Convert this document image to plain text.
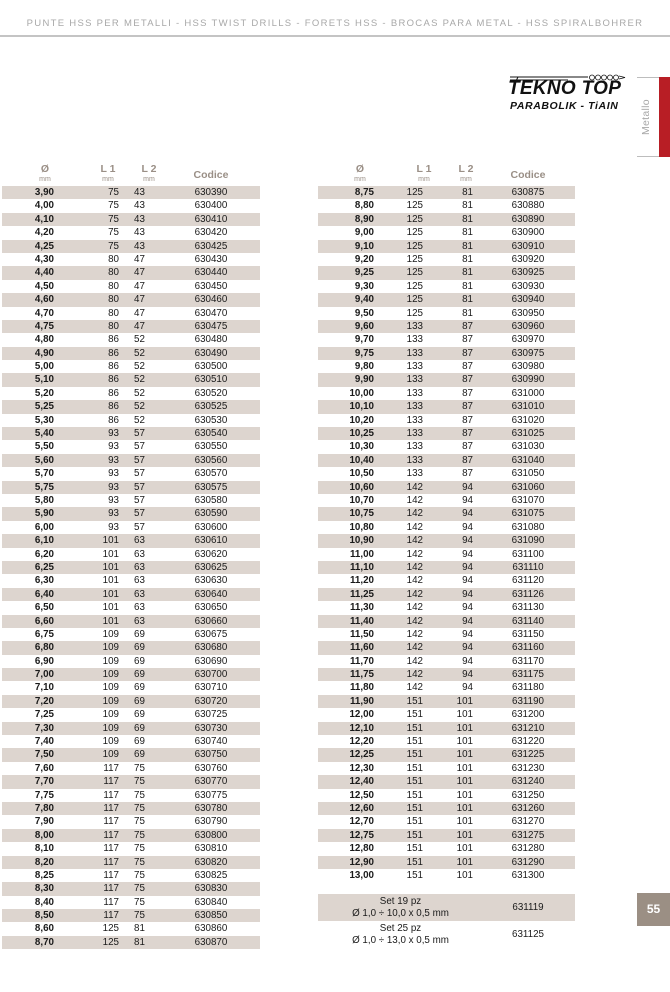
PUNTE HSS PER METALLI - HSS TWIST DRILLS - FORETS HSS - BROCAS PARA METAL - HSS SPIRALBOHRER
TEKNO TOP
PARABOLIK - TiAIN Metallo
Ø
mm
L 1
mm
L 2
mm	Codice
3,90	75 43	630390
4,00	75 43	630400
4,10	75 43	630410
4,20	75 43	630420
4,25	75 43	630425
4,30	80 47	630430
4,40	80 47	630440
4,50	80 47	630450
4,60	80 47	630460
4,70	80 47	630470
4,75	80 47	630475
4,80	86 52	630480
4,90	86 52	630490
5,00	86 52	630500
5,10	86 52	630510
5,20	86 52	630520
5,25	86 52	630525
5,30	86 52	630530
5,40	93 57	630540
5,50	93 57	630550
5,60	93 57	630560
5,70	93 57	630570
5,75	93 57	630575
5,80	93 57	630580
5,90	93 57	630590
6,00	93 57	630600
6,10	101 63	630610
6,20	101 63	630620
6,25	101 63	630625
6,30	101 63	630630
6,40	101 63	630640
6,50	101 63	630650
6,60	101 63	630660
6,75	109 69	630675
6,80	109 69	630680
6,90	109 69	630690
7,00	109 69	630700
7,10	109 69	630710
7,20	109 69	630720
7,25	109 69	630725
7,30	109 69	630730
7,40	109 69	630740
7,50	109 69	630750
7,60	117 75	630760
7,70	117 75	630770
7,75	117 75	630775
7,80	117 75	630780
7,90	117 75	630790
8,00	117 75	630800
8,10	117 75	630810
8,20	117 75	630820
8,25	117 75	630825
8,30	117 75	630830
8,40	117 75	630840
8,50	117 75	630850
8,60	125 81	630860
8,70	125 81	630870
Ø
mm
L 1
mm
L 2
mm	Codice
8,75	125	81	630875
8,80	125	81	630880
8,90	125	81	630890
9,00	125	81	630900
9,10	125	81	630910
9,20	125	81	630920
9,25	125	81	630925
9,30	125	81	630930
9,40	125	81	630940
9,50	125	81	630950
9,60	133	87	630960
9,70	133	87	630970
9,75	133	87	630975
9,80	133	87	630980
9,90	133	87	630990
10,00	133	87	631000
10,10	133	87	631010
10,20	133	87	631020
10,25	133	87	631025
10,30	133	87	631030
10,40	133	87	631040
10,50	133	87	631050
10,60	142	94	631060
10,70	142	94	631070
10,75	142	94	631075
10,80	142	94	631080
10,90	142	94	631090
11,00	142	94	631100
11,10	142	94	631110
11,20	142	94	631120
11,25	142	94	631126
11,30	142	94	631130
11,40	142	94	631140
11,50	142	94	631150
11,60	142	94	631160
11,70	142	94	631170
11,75	142	94	631175
11,80	142	94	631180
11,90	151	101	631190
12,00	151	101	631200
12,10	151	101	631210
12,20	151	101	631220
12,25	151	101	631225
12,30	151	101	631230
12,40	151	101	631240
12,50	151	101	631250
12,60	151	101	631260
12,70	151	101	631270
12,75	151	101	631275
12,80	151	101	631280
12,90	151	101	631290
13,00	151	101	631300
Set 19 pz
Ø 1,0 ÷ 10,0 x 0,5 mm	631119
Set 25 pz
Ø 1,0 ÷ 13,0 x 0,5 mm	631125
55
